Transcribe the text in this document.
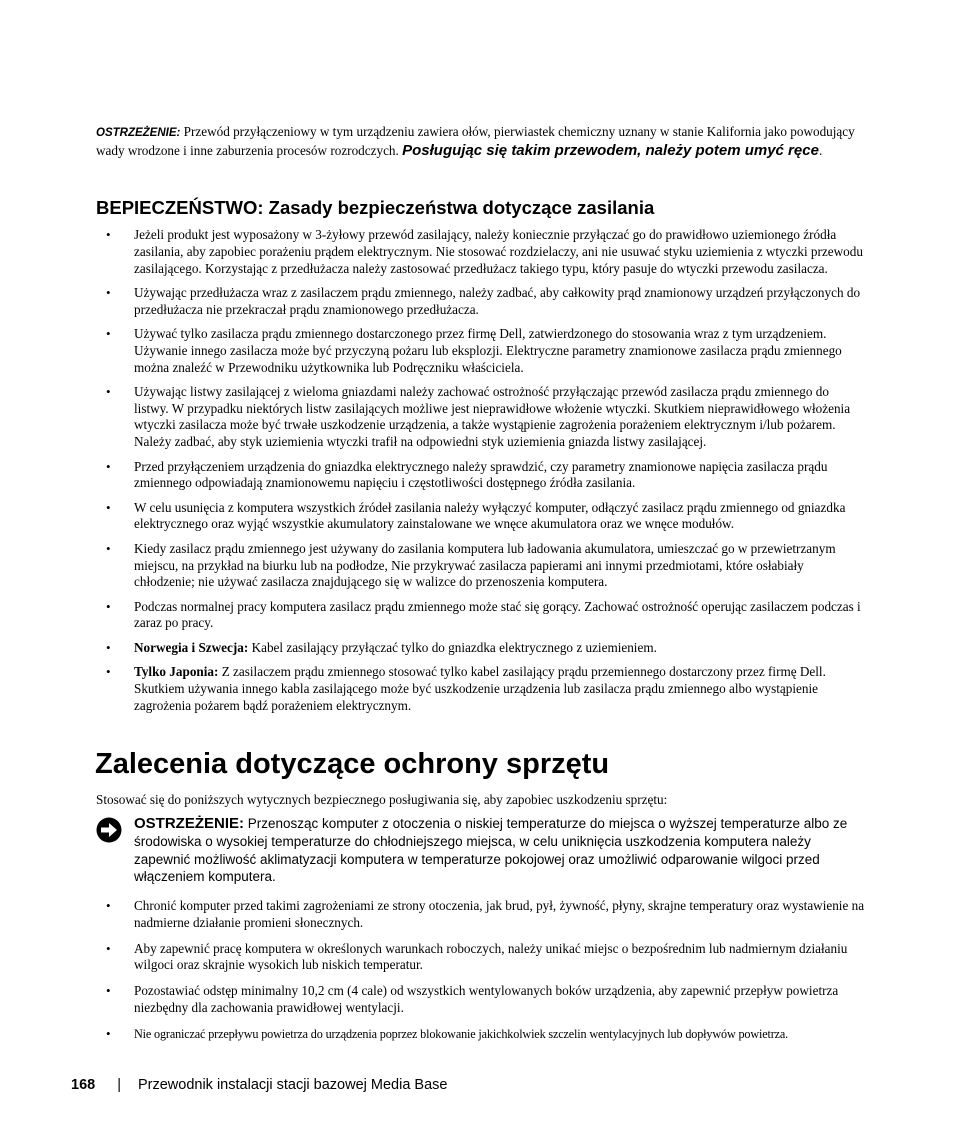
OSTRZEŻENIE: Przewód przyłączeniowy w tym urządzeniu zawiera ołów, pierwiastek chemiczny uznany w stanie Kalifornia jako powodujący wady wrodzone i inne zaburzenia procesów rozrodczych. Posługując się takim przewodem, należy potem umyć ręce.
BEPIECZEŃSTWO: Zasady bezpieczeństwa dotyczące zasilania
• Jeżeli produkt jest wyposażony w 3-żyłowy przewód zasilający, należy koniecznie przyłączać go do prawidłowo uziemionego źródła zasilania, aby zapobiec porażeniu prądem elektrycznym. Nie stosować rozdzielaczy, ani nie usuwać styku uziemienia z wtyczki przewodu zasilającego. Korzystając z przedłużacza należy zastosować przedłużacz takiego typu, który pasuje do wtyczki przewodu zasilacza.
• Używając przedłużacza wraz z zasilaczem prądu zmiennego, należy zadbać, aby całkowity prąd znamionowy urządzeń przyłączonych do przedłużacza nie przekraczał prądu znamionowego przedłużacza.
• Używać tylko zasilacza prądu zmiennego dostarczonego przez firmę Dell, zatwierdzonego do stosowania wraz z tym urządzeniem. Używanie innego zasilacza może być przyczyną pożaru lub eksplozji. Elektryczne parametry znamionowe zasilacza prądu zmiennego można znaleźć w Przewodniku użytkownika lub Podręczniku właściciela.
• Używając listwy zasilającej z wieloma gniazdami należy zachować ostrożność przyłączając przewód zasilacza prądu zmiennego do listwy. W przypadku niektórych listw zasilających możliwe jest nieprawidłowe włożenie wtyczki. Skutkiem nieprawidłowego włożenia wtyczki zasilacza może być trwałe uszkodzenie urządzenia, a także wystąpienie zagrożenia porażeniem elektrycznym i/lub pożarem. Należy zadbać, aby styk uziemienia wtyczki trafił na odpowiedni styk uziemienia gniazda listwy zasilającej.
• Przed przyłączeniem urządzenia do gniazdka elektrycznego należy sprawdzić, czy parametry znamionowe napięcia zasilacza prądu zmiennego odpowiadają znamionowemu napięciu i częstotliwości dostępnego źródła zasilania.
• W celu usunięcia z komputera wszystkich źródeł zasilania należy wyłączyć komputer, odłączyć zasilacz prądu zmiennego od gniazdka elektrycznego oraz wyjąć wszystkie akumulatory zainstalowane we wnęce akumulatora oraz we wnęce modułów.
• Kiedy zasilacz prądu zmiennego jest używany do zasilania komputera lub ładowania akumulatora, umieszczać go w przewietrzanym miejscu, na przykład na biurku lub na podłodze, Nie przykrywać zasilacza papierami ani innymi przedmiotami, które osłabiały chłodzenie; nie używać zasilacza znajdującego się w walizce do przenoszenia komputera.
• Podczas normalnej pracy komputera zasilacz prądu zmiennego może stać się gorący. Zachować ostrożność operując zasilaczem podczas i zaraz po pracy.
• Norwegia i Szwecja: Kabel zasilający przyłączać tylko do gniazdka elektrycznego z uziemieniem.
• Tylko Japonia: Z zasilaczem prądu zmiennego stosować tylko kabel zasilający prądu przemiennego dostarczony przez firmę Dell. Skutkiem używania innego kabla zasilającego może być uszkodzenie urządzenia lub zasilacza prądu zmiennego albo wystąpienie zagrożenia pożarem bądź porażeniem elektrycznym.
Zalecenia dotyczące ochrony sprzętu
Stosować się do poniższych wytycznych bezpiecznego posługiwania się, aby zapobiec uszkodzeniu sprzętu:
OSTRZEŻENIE: Przenosząc komputer z otoczenia o niskiej temperaturze do miejsca o wyższej temperaturze albo ze środowiska o wysokiej temperaturze do chłodniejszego miejsca, w celu uniknięcia uszkodzenia komputera należy zapewnić możliwość aklimatyzacji komputera w temperaturze pokojowej oraz umożliwić odparowanie wilgoci przed włączeniem komputera.
• Chronić komputer przed takimi zagrożeniami ze strony otoczenia, jak brud, pył, żywność, płyny, skrajne temperatury oraz wystawienie na nadmierne działanie promieni słonecznych.
• Aby zapewnić pracę komputera w określonych warunkach roboczych, należy unikać miejsc o bezpośrednim lub nadmiernym działaniu wilgoci oraz skrajnie wysokich lub niskich temperatur.
• Pozostawiać odstęp minimalny 10,2 cm (4 cale) od wszystkich wentylowanych boków urządzenia, aby zapewnić przepływ powietrza niezbędny dla zachowania prawidłowej wentylacji.
• Nie ograniczać przepływu powietrza do urządzenia poprzez blokowanie jakichkolwiek szczelin wentylacyjnych lub dopływów powietrza.
168 | Przewodnik instalacji stacji bazowej Media Base
